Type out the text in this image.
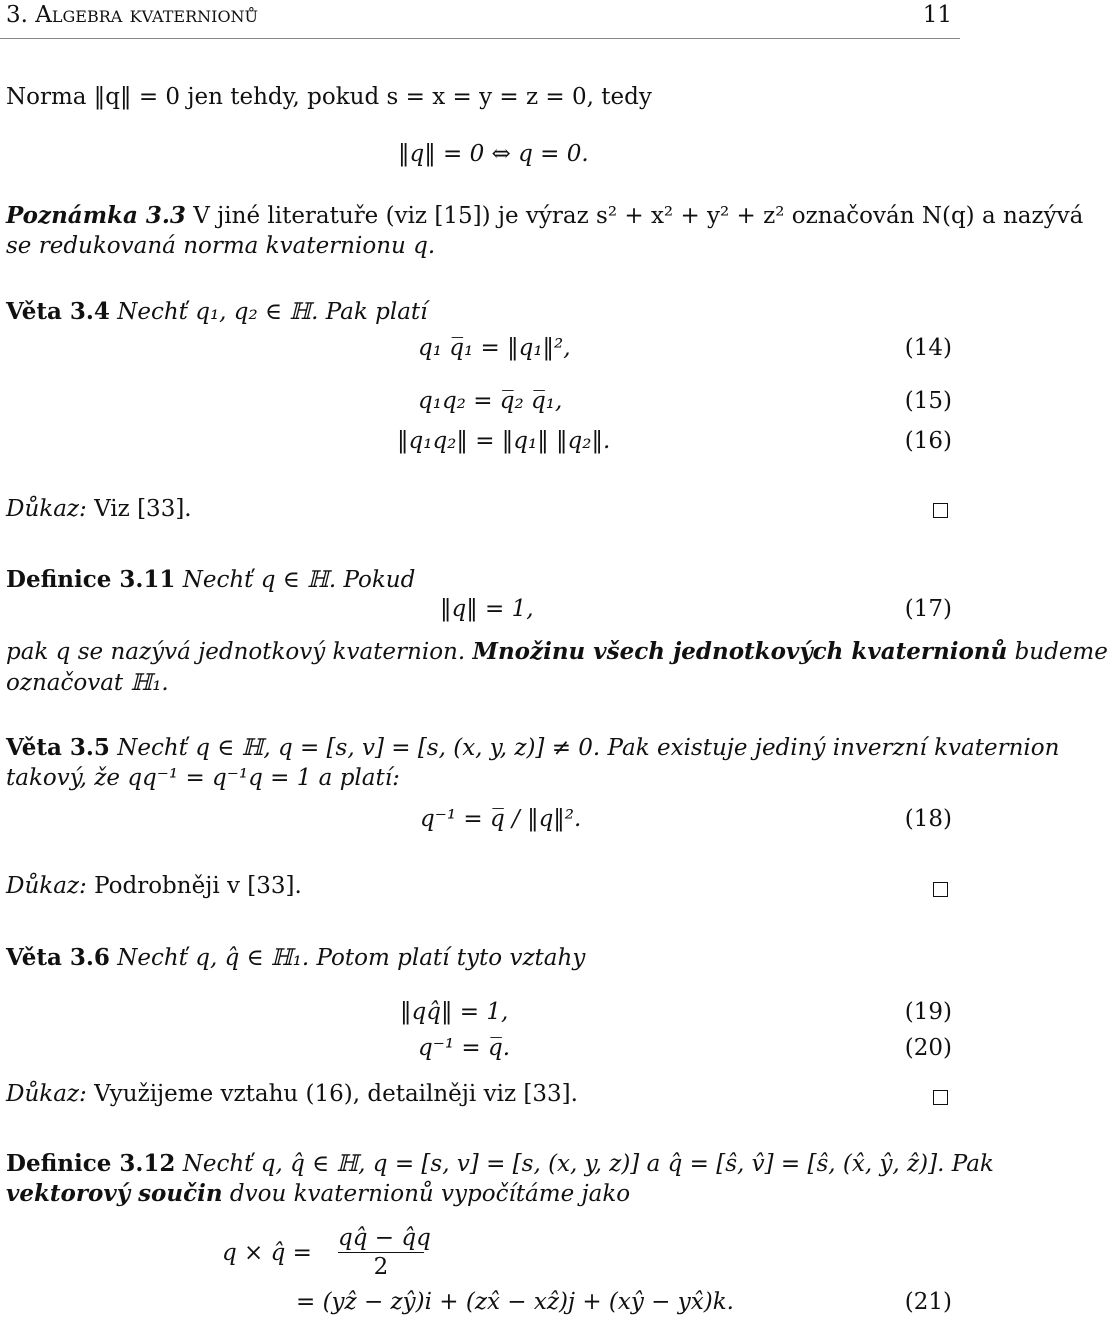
3. Algebra kvaternionů	11
Norma ‖q‖ = 0 jen tehdy, pokud s = x = y = z = 0, tedy
‖q‖ = 0 ⇔ q = 0.
Poznámka 3.3 V jiné literatuře (viz [15]) je výraz s² + x² + y² + z² označován N(q) a nazývá
se redukovaná norma kvaternionu q.
Věta 3.4 Nechť q₁, q₂ ∈ ℍ. Pak platí
q₁ q̅₁ = ‖q₁‖²,	(14)
q₁q₂ = q̅₂ q̅₁,	(15)
‖q₁q₂‖ = ‖q₁‖ ‖q₂‖.	(16)
Důkaz: Viz [33].
Definice 3.11 Nechť q ∈ ℍ. Pokud
‖q‖ = 1,	(17)
pak q se nazývá jednotkový kvaternion. Množinu všech jednotkových kvaternionů budeme
označovat ℍ₁.
Věta 3.5 Nechť q ∈ ℍ, q = [s, v] = [s, (x, y, z)] ≠ 0. Pak existuje jediný inverzní kvaternion
takový, že qq⁻¹ = q⁻¹q = 1 a platí:
q⁻¹ = q̅ / ‖q‖².	(18)
Důkaz: Podrobněji v [33].
Věta 3.6 Nechť q, q̂ ∈ ℍ₁. Potom platí tyto vztahy
‖qq̂‖ = 1,	(19)
q⁻¹ = q̅.	(20)
Důkaz: Využijeme vztahu (16), detailněji viz [33].
Definice 3.12 Nechť q, q̂ ∈ ℍ, q = [s, v] = [s, (x, y, z)] a q̂ = [ŝ, v̂] = [ŝ, (x̂, ŷ, ẑ)]. Pak
vektorový součin dvou kvaternionů vypočítáme jako
q × q̂ = $\frac{qq̂ - q̂q}{2}$
= (yẑ − zŷ)i + (zx̂ − xẑ)j + (xŷ − yx̂)k.	(21)
